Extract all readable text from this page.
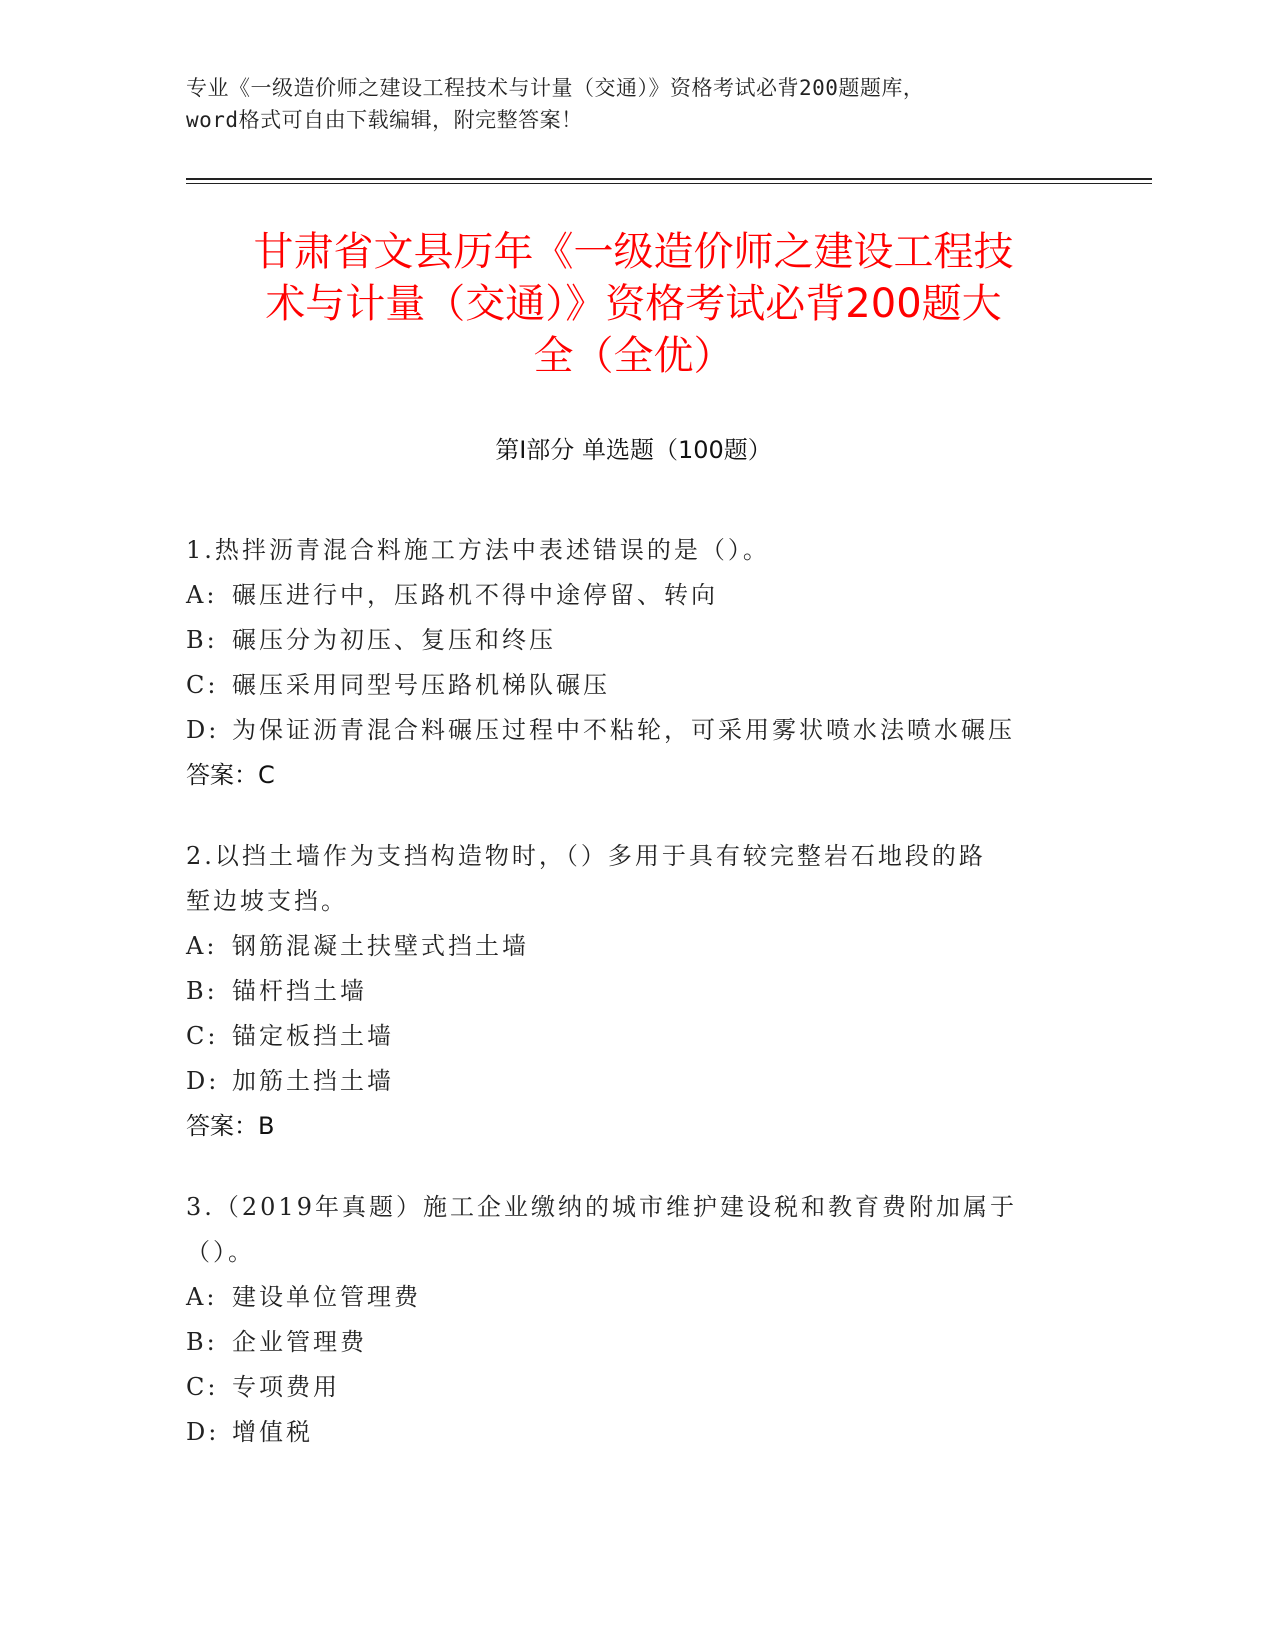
专业《一级造价师之建设工程技术与计量（交通）》资格考试必背200题题库，
word格式可自由下载编辑，附完整答案！
甘肃省文县历年《一级造价师之建设工程技
术与计量（交通）》资格考试必背200题大
全（全优）
第I部分 单选题（100题）
1.热拌沥青混合料施工方法中表述错误的是（）。
A: 碾压进行中，压路机不得中途停留、转向
B: 碾压分为初压、复压和终压
C: 碾压采用同型号压路机梯队碾压
D: 为保证沥青混合料碾压过程中不粘轮，可采用雾状喷水法喷水碾压
答案：C
2.以挡土墙作为支挡构造物时，（）多用于具有较完整岩石地段的路
堑边坡支挡。
A: 钢筋混凝土扶壁式挡土墙
B: 锚杆挡土墙
C: 锚定板挡土墙
D: 加筋土挡土墙
答案：B
3.（2019年真题）施工企业缴纳的城市维护建设税和教育费附加属于
（）。
A: 建设单位管理费
B: 企业管理费
C: 专项费用
D: 增值税
